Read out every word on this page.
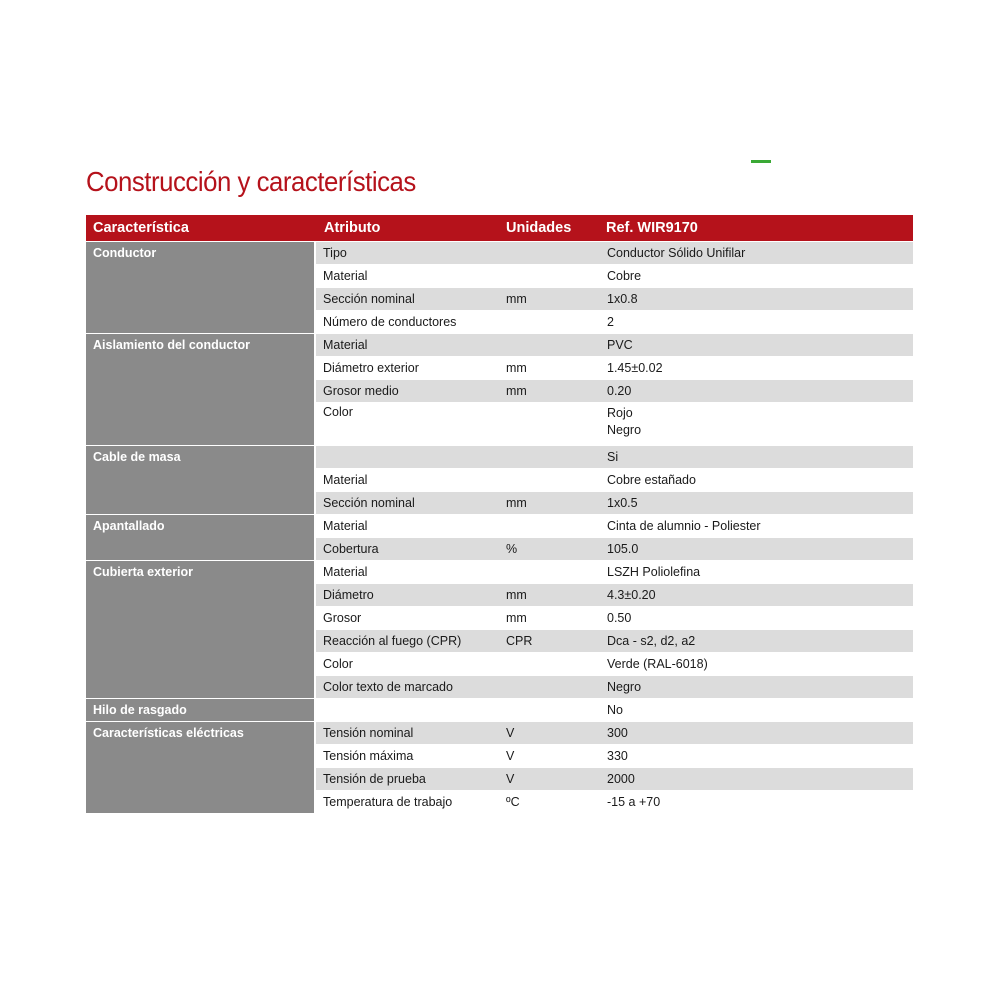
Construcción y características
Característica	Atributo	Unidades	Ref. WIR9170
Conductor	Tipo		Conductor Sólido Unifilar

	Material		Cobre

	Sección nominal	mm	1x0.8

	Número de conductores		2

Aislamiento del conductor	Material		PVC

	Diámetro exterior	mm	1.45±0.02

	Grosor medio	mm	0.20

	Color		Rojo
Negro

Cable de masa			Si

	Material		Cobre estañado

	Sección nominal	mm	1x0.5

Apantallado	Material		Cinta de alumnio - Poliester

	Cobertura	%	105.0

Cubierta exterior	Material		LSZH Poliolefina

	Diámetro	mm	4.3±0.20

	Grosor	mm	0.50

	Reacción al fuego (CPR)	CPR	Dca - s2, d2, a2

	Color		Verde (RAL-6018)

	Color texto de marcado		Negro

Hilo de rasgado			No

Características eléctricas	Tensión nominal	V	300

	Tensión máxima	V	330

	Tensión de prueba	V	2000

	Temperatura de trabajo	ºC	-15 a +70
